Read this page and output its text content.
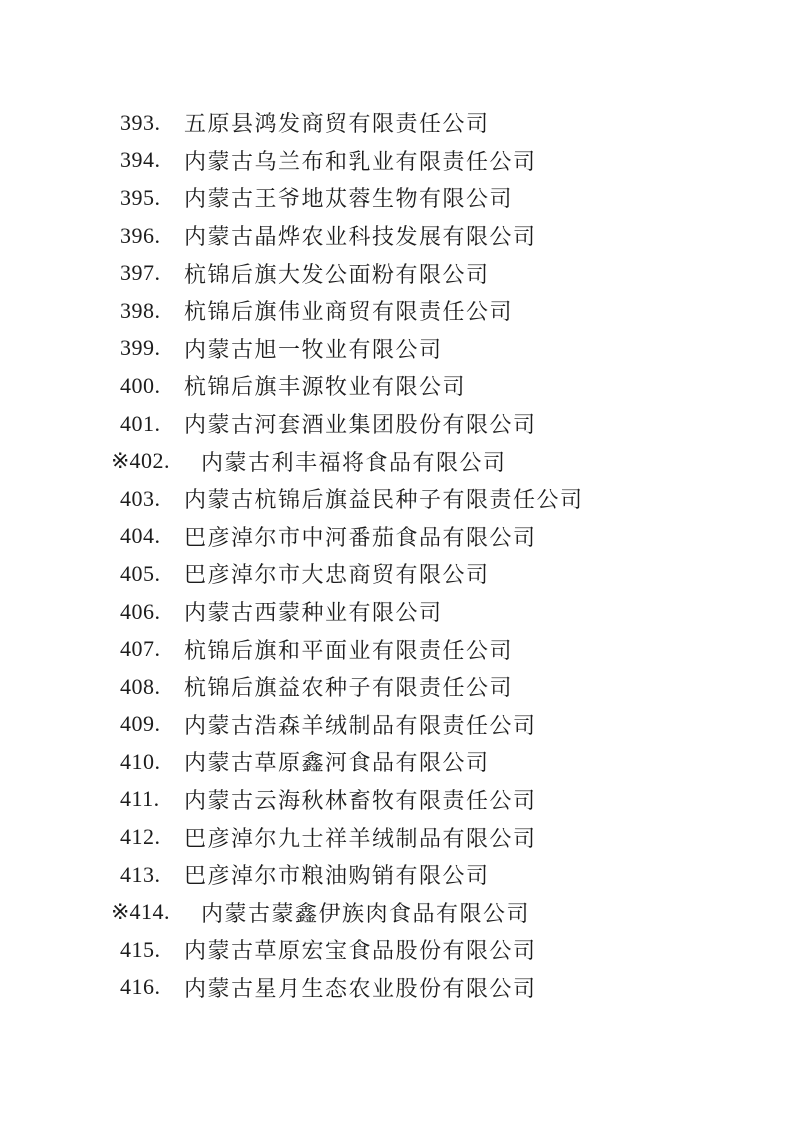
393.	五原县鸿发商贸有限责任公司
394.	内蒙古乌兰布和乳业有限责任公司
395.	内蒙古王爷地苁蓉生物有限公司
396.	内蒙古晶烨农业科技发展有限公司
397.	杭锦后旗大发公面粉有限公司
398.	杭锦后旗伟业商贸有限责任公司
399.	内蒙古旭一牧业有限公司
400.	杭锦后旗丰源牧业有限公司
401.	内蒙古河套酒业集团股份有限公司
※402.	内蒙古利丰福将食品有限公司
403.	内蒙古杭锦后旗益民种子有限责任公司
404.	巴彦淖尔市中河番茄食品有限公司
405.	巴彦淖尔市大忠商贸有限公司
406.	内蒙古西蒙种业有限公司
407.	杭锦后旗和平面业有限责任公司
408.	杭锦后旗益农种子有限责任公司
409.	内蒙古浩森羊绒制品有限责任公司
410.	内蒙古草原鑫河食品有限公司
411.	内蒙古云海秋林畜牧有限责任公司
412.	巴彦淖尔九士祥羊绒制品有限公司
413.	巴彦淖尔市粮油购销有限公司
※414.	内蒙古蒙鑫伊族肉食品有限公司
415.	内蒙古草原宏宝食品股份有限公司
416.	内蒙古星月生态农业股份有限公司
